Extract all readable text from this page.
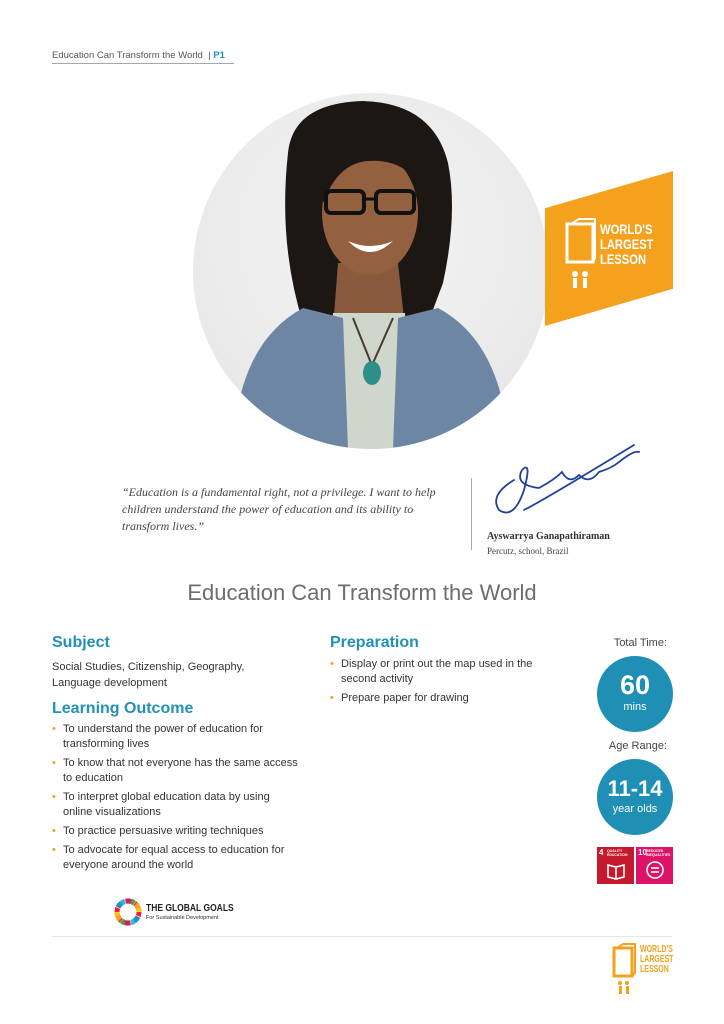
Education Can Transform the World | P1
WORLD'S
LARGEST
LESSON
“Education is a fundamental right, not a privilege. I want to help children understand the power of education and its ability to transform lives.”
Ayswarrya Ganapathiraman
Percutz, school, Brazil
Education Can Transform the World
Subject
Social Studies, Citizenship, Geography,
Language development
Learning Outcome
• To understand the power of education for transforming lives
• To know that not everyone has the same access to education
• To interpret global education data by using online visualizations
• To practice persuasive writing techniques
• To advocate for equal access to education for everyone around the world
Preparation
• Display or print out the map used in the second activity
• Prepare paper for drawing
Total Time:
60
mins
Age Range:
11-14
year olds
4 QUALITY EDUCATION	10 REDUCED INEQUALITIES
THE GLOBAL GOALS
For Sustainable Development
WORLD'S
LARGEST
LESSON
